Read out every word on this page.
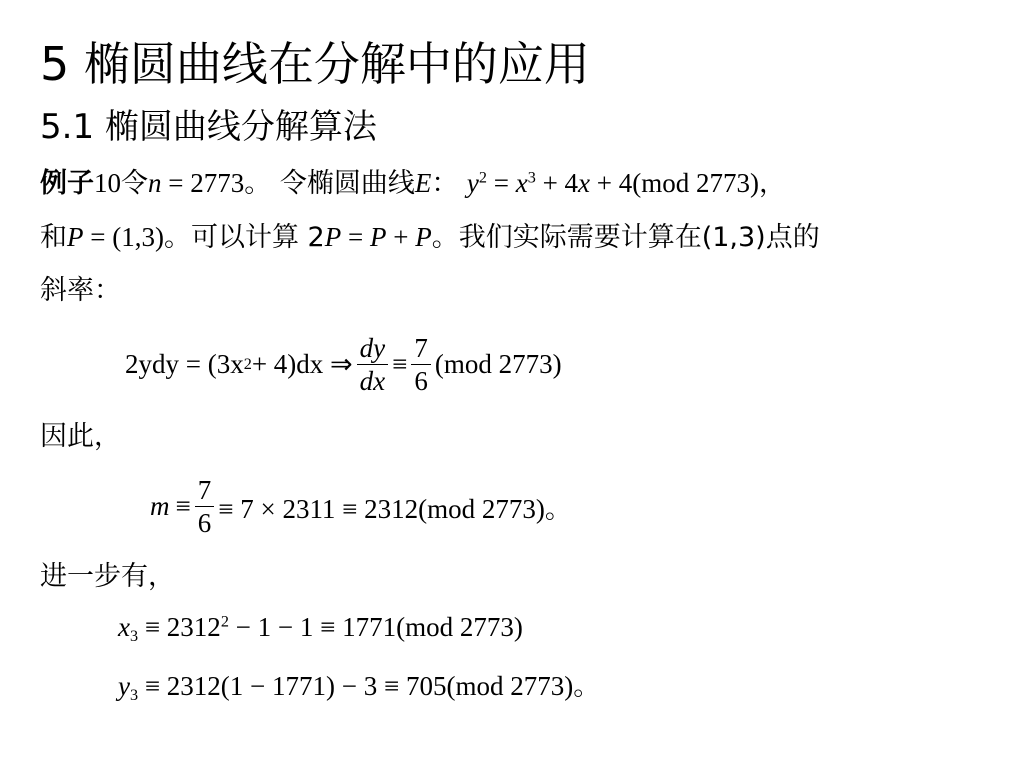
5 椭圆曲线在分解中的应用
5.1 椭圆曲线分解算法
例子10令n = 2773。 令椭圆曲线E： $y^2 = x^3 + 4x + 4(mod$ 2773)，
和P = (1,3)。可以计算 2P = P + P。我们实际需要计算在(1,3)点的
斜率：
2ydy = (3x 2 + 4)dx ⇒ $\frac{dy}{dx} \equiv \frac{7}{6} (mod$ 2773)
因此，
$m \equiv \frac{7}{6} \equiv 7 \times 2311 \equiv 2312(mod$ 2773)。
进一步有，
$x_3 \equiv 2312^2 - 1 - 1 \equiv 1771(mod$ 2773)
$y_3 \equiv 2312(1 - 1771) - 3 \equiv 705(mod$ 2773)。
